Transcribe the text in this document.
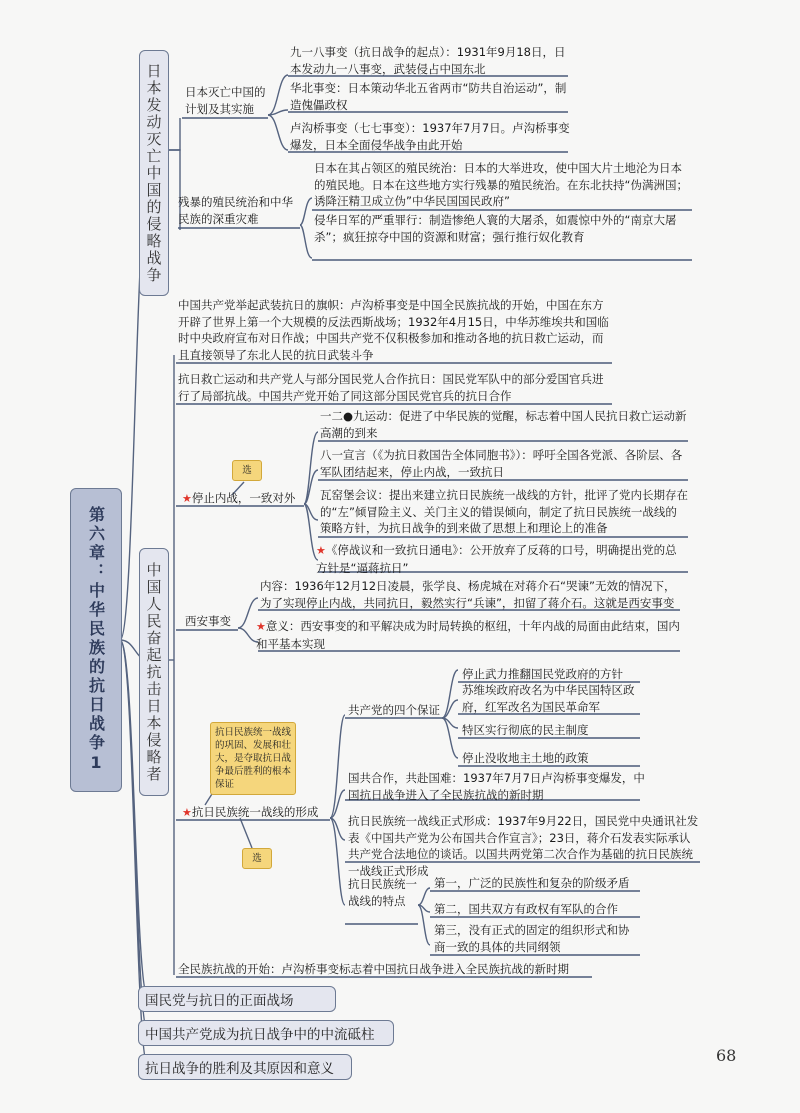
第六章：中华民族的抗日战争1
日本发动灭亡中国的侵略战争	日本灭亡中国的计划及其实施
九一八事变（抗日战争的起点）：1931年9月18日，日本发动九一八事变，武装侵占中国东北
华北事变：日本策动华北五省两市“防共自治运动”，制造傀儡政权
卢沟桥事变（七七事变）：1937年7月7日。卢沟桥事变爆发，日本全面侵华战争由此开始
残暴的殖民统治和中华民族的深重灾难
日本在其占领区的殖民统治：日本的大举进攻，使中国大片土地沦为日本的殖民地。日本在这些地方实行残暴的殖民统治。在东北扶持“伪满洲国；诱降汪精卫成立伪”中华民国国民政府”
侵华日军的严重罪行：制造惨绝人寰的大屠杀，如震惊中外的“南京大屠杀”；疯狂掠夺中国的资源和财富；强行推行奴化教育
中国人民奋起抗击日本侵略者
中国共产党举起武装抗日的旗帜：卢沟桥事变是中国全民族抗战的开始，中国在东方开辟了世界上第一个大规模的反法西斯战场；1932年4月15日，中华苏维埃共和国临时中央政府宣布对日作战；中国共产党不仅积极参加和推动各地的抗日救亡运动，而且直接领导了东北人民的抗日武装斗争
抗日救亡运动和共产党人与部分国民党人合作抗日：国民党军队中的部分爱国官兵进行了局部抗战。中国共产党开始了同这部分国民党官兵的抗日合作
★停止内战，一致对外
选
一二●九运动：促进了中华民族的觉醒，标志着中国人民抗日救亡运动新高潮的到来
八一宣言（《为抗日救国告全体同胞书》）：呼吁全国各党派、各阶层、各军队团结起来，停止内战，一致抗日
瓦窑堡会议：提出来建立抗日民族统一战线的方针，批评了党内长期存在的“左”倾冒险主义、关门主义的错误倾向，制定了抗日民族统一战线的策略方针，为抗日战争的到来做了思想上和理论上的准备
★《停战议和一致抗日通电》：公开放弃了反蒋的口号，明确提出党的总方针是“逼蒋抗日”
西安事变
内容：1936年12月12日凌晨，张学良、杨虎城在对蒋介石“哭谏”无效的情况下，为了实现停止内战，共同抗日，毅然实行“兵谏”，扣留了蒋介石。这就是西安事变
★意义：西安事变的和平解决成为时局转换的枢纽，十年内战的局面由此结束，国内和平基本实现
★抗日民族统一战线的形成
抗日民族统一战线的巩固、发展和壮大，是夺取抗日战争最后胜利的根本保证
选
共产党的四个保证
停止武力推翻国民党政府的方针
苏维埃政府改名为中华民国特区政府，红军改名为国民革命军
特区实行彻底的民主制度
停止没收地主土地的政策
国共合作，共赴国难：1937年7月7日卢沟桥事变爆发，中国抗日战争进入了全民族抗战的新时期
抗日民族统一战线正式形成：1937年9月22日，国民党中央通讯社发表《中国共产党为公布国共合作宣言》；23日，蒋介石发表实际承认共产党合法地位的谈话。以国共两党第二次合作为基础的抗日民族统一战线正式形成
抗日民族统一战线的特点
第一，广泛的民族性和复杂的阶级矛盾
第二，国共双方有政权有军队的合作
第三，没有正式的固定的组织形式和协商一致的具体的共同纲领
全民族抗战的开始：卢沟桥事变标志着中国抗日战争进入全民族抗战的新时期
国民党与抗日的正面战场
中国共产党成为抗日战争中的中流砥柱
抗日战争的胜利及其原因和意义
68
